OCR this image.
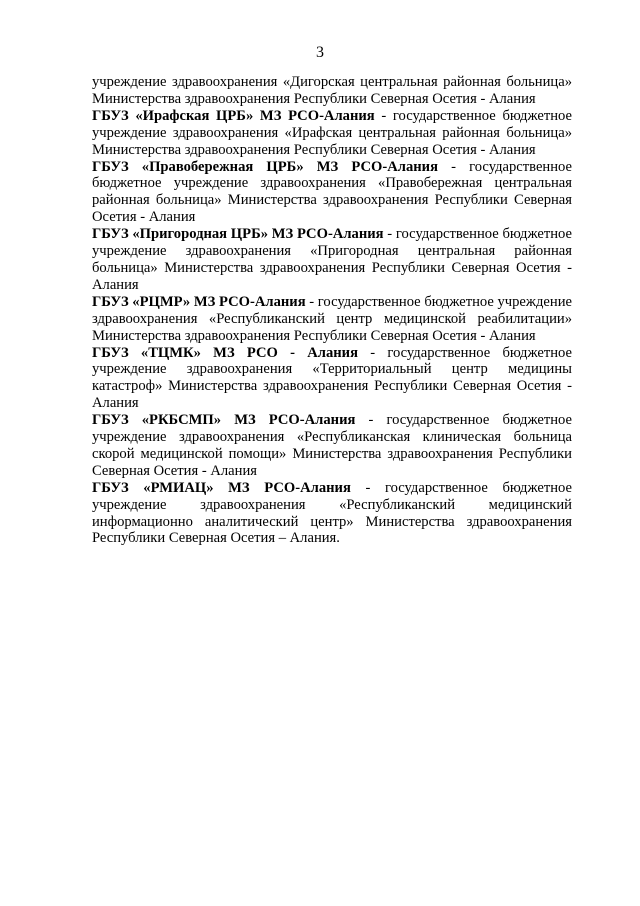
3

учреждение здравоохранения «Дигорская центральная районная больница» Министерства здравоохранения Республики Северная Осетия - Алания

ГБУЗ «Ирафская ЦРБ» МЗ РСО-Алания - государственное бюджетное учреждение здравоохранения «Ирафская центральная районная больница» Министерства здравоохранения Республики Северная Осетия - Алания

ГБУЗ «Правобережная ЦРБ» МЗ РСО-Алания - государственное бюджетное учреждение здравоохранения «Правобережная центральная районная больница» Министерства здравоохранения Республики Северная Осетия - Алания

ГБУЗ «Пригородная ЦРБ» МЗ РСО-Алания - государственное бюджетное учреждение здравоохранения «Пригородная центральная районная больница» Министерства здравоохранения Республики Северная Осетия - Алания

ГБУЗ «РЦМР» МЗ РСО-Алания - государственное бюджетное учреждение здравоохранения «Республиканский центр медицинской реабилитации» Министерства здравоохранения Республики Северная Осетия - Алания

ГБУЗ «ТЦМК» МЗ РСО - Алания - государственное бюджетное учреждение здравоохранения «Территориальный центр медицины катастроф» Министерства здравоохранения Республики Северная Осетия - Алания

ГБУЗ «РКБСМП» МЗ РСО-Алания - государственное бюджетное учреждение здравоохранения «Республиканская клиническая больница скорой медицинской помощи» Министерства здравоохранения Республики Северная Осетия - Алания

ГБУЗ «РМИАЦ» МЗ РСО-Алания - государственное бюджетное учреждение здравоохранения «Республиканский медицинский информационно аналитический центр» Министерства здравоохранения Республики Северная Осетия – Алания.
